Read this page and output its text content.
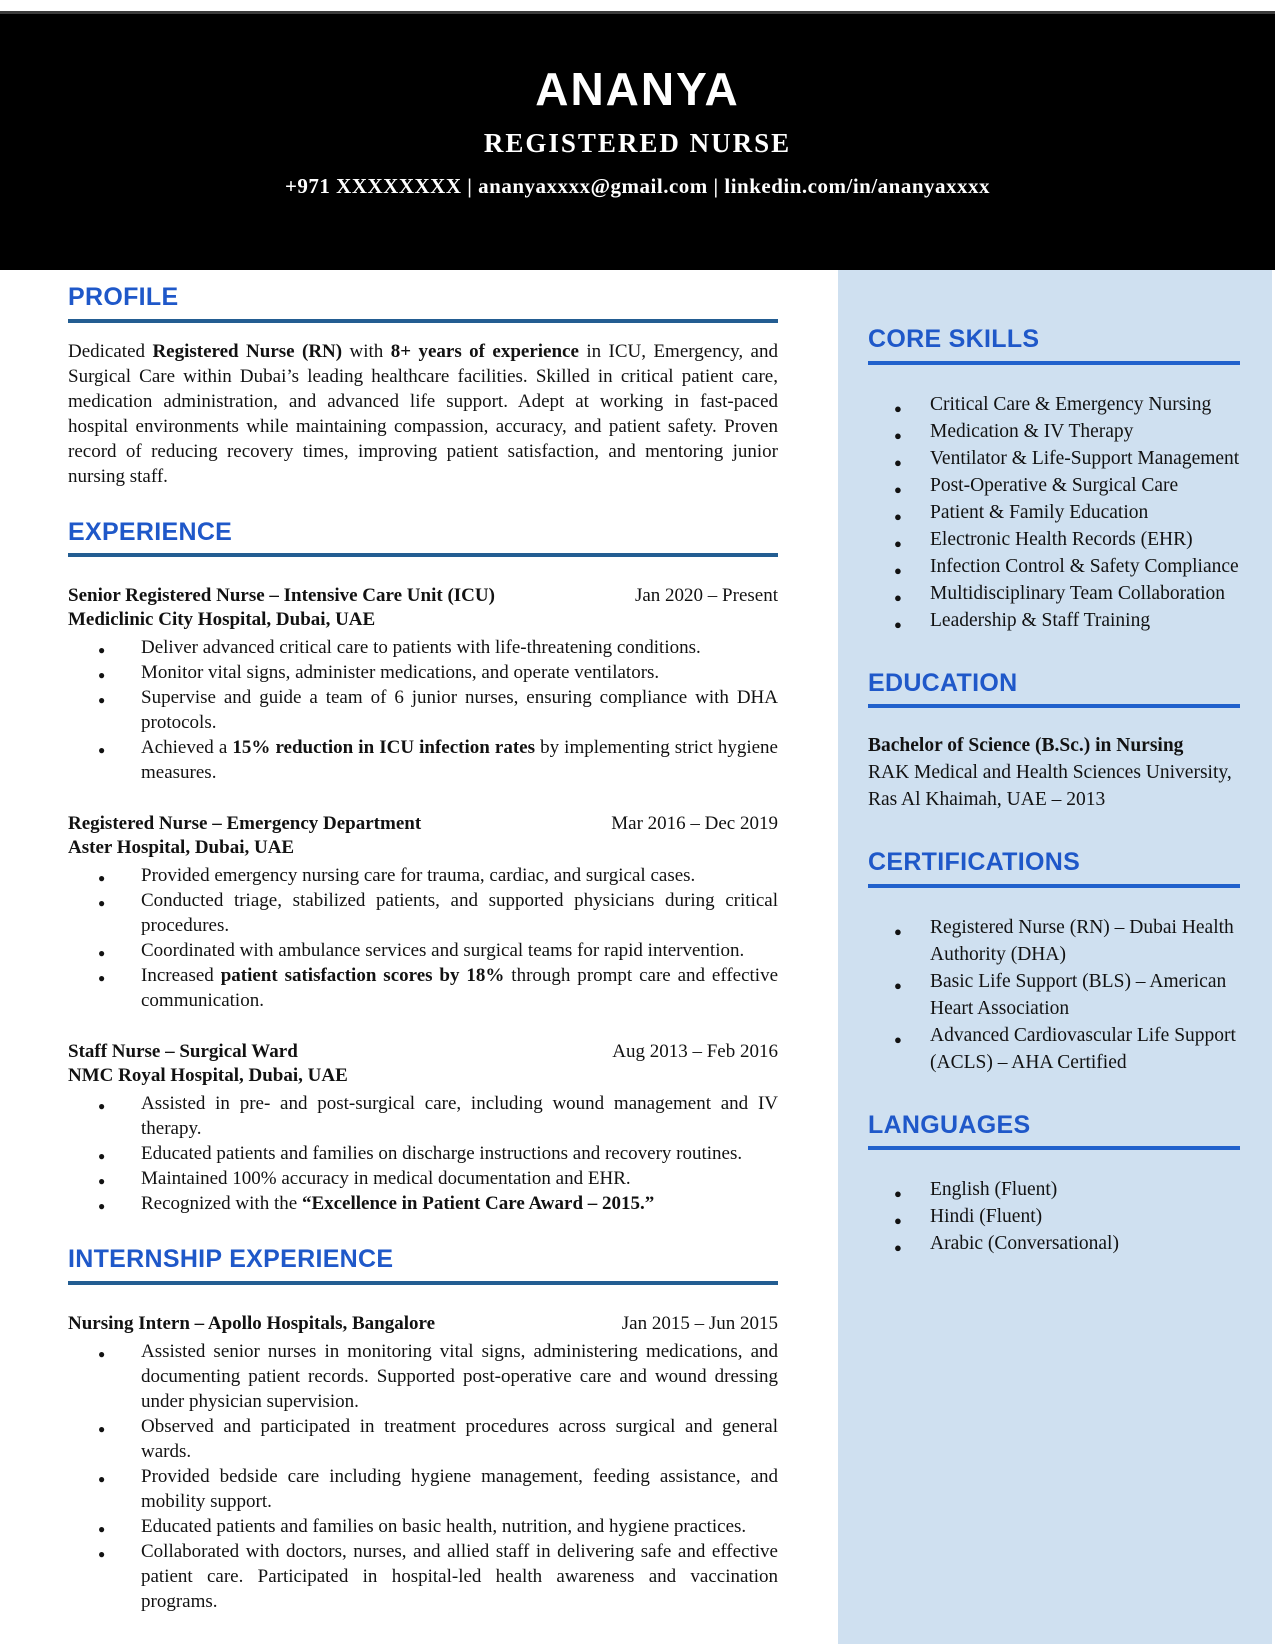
ANANYA
REGISTERED NURSE
+971 XXXXXXXX | ananyaxxxx@gmail.com | linkedin.com/in/ananyaxxxx
PROFILE
Dedicated Registered Nurse (RN) with 8+ years of experience in ICU, Emergency, and Surgical Care within Dubai’s leading healthcare facilities. Skilled in critical patient care, medication administration, and advanced life support. Adept at working in fast-paced hospital environments while maintaining compassion, accuracy, and patient safety. Proven record of reducing recovery times, improving patient satisfaction, and mentoring junior nursing staff.
EXPERIENCE
Senior Registered Nurse – Intensive Care Unit (ICU)	Jan 2020 – Present
Mediclinic City Hospital, Dubai, UAE
● Deliver advanced critical care to patients with life-threatening conditions.
● Monitor vital signs, administer medications, and operate ventilators.
● Supervise and guide a team of 6 junior nurses, ensuring compliance with DHA protocols.
● Achieved a 15% reduction in ICU infection rates by implementing strict hygiene measures.
Registered Nurse – Emergency Department	Mar 2016 – Dec 2019
Aster Hospital, Dubai, UAE
● Provided emergency nursing care for trauma, cardiac, and surgical cases.
● Conducted triage, stabilized patients, and supported physicians during critical procedures.
● Coordinated with ambulance services and surgical teams for rapid intervention.
● Increased patient satisfaction scores by 18% through prompt care and effective communication.
Staff Nurse – Surgical Ward	Aug 2013 – Feb 2016
NMC Royal Hospital, Dubai, UAE
● Assisted in pre- and post-surgical care, including wound management and IV therapy.
● Educated patients and families on discharge instructions and recovery routines.
● Maintained 100% accuracy in medical documentation and EHR.
● Recognized with the “Excellence in Patient Care Award – 2015.”
INTERNSHIP EXPERIENCE
Nursing Intern – Apollo Hospitals, Bangalore	Jan 2015 – Jun 2015
● Assisted senior nurses in monitoring vital signs, administering medications, and documenting patient records. Supported post-operative care and wound dressing under physician supervision.
● Observed and participated in treatment procedures across surgical and general wards.
● Provided bedside care including hygiene management, feeding assistance, and mobility support.
● Educated patients and families on basic health, nutrition, and hygiene practices.
● Collaborated with doctors, nurses, and allied staff in delivering safe and effective patient care. Participated in hospital-led health awareness and vaccination programs.
CORE SKILLS
● Critical Care & Emergency Nursing
● Medication & IV Therapy
● Ventilator & Life-Support Management
● Post-Operative & Surgical Care
● Patient & Family Education
● Electronic Health Records (EHR)
● Infection Control & Safety Compliance
● Multidisciplinary Team Collaboration
● Leadership & Staff Training
EDUCATION
Bachelor of Science (B.Sc.) in Nursing
RAK Medical and Health Sciences University, Ras Al Khaimah, UAE – 2013
CERTIFICATIONS
● Registered Nurse (RN) – Dubai Health Authority (DHA)
● Basic Life Support (BLS) – American Heart Association
● Advanced Cardiovascular Life Support (ACLS) – AHA Certified
LANGUAGES
● English (Fluent)
● Hindi (Fluent)
● Arabic (Conversational)
